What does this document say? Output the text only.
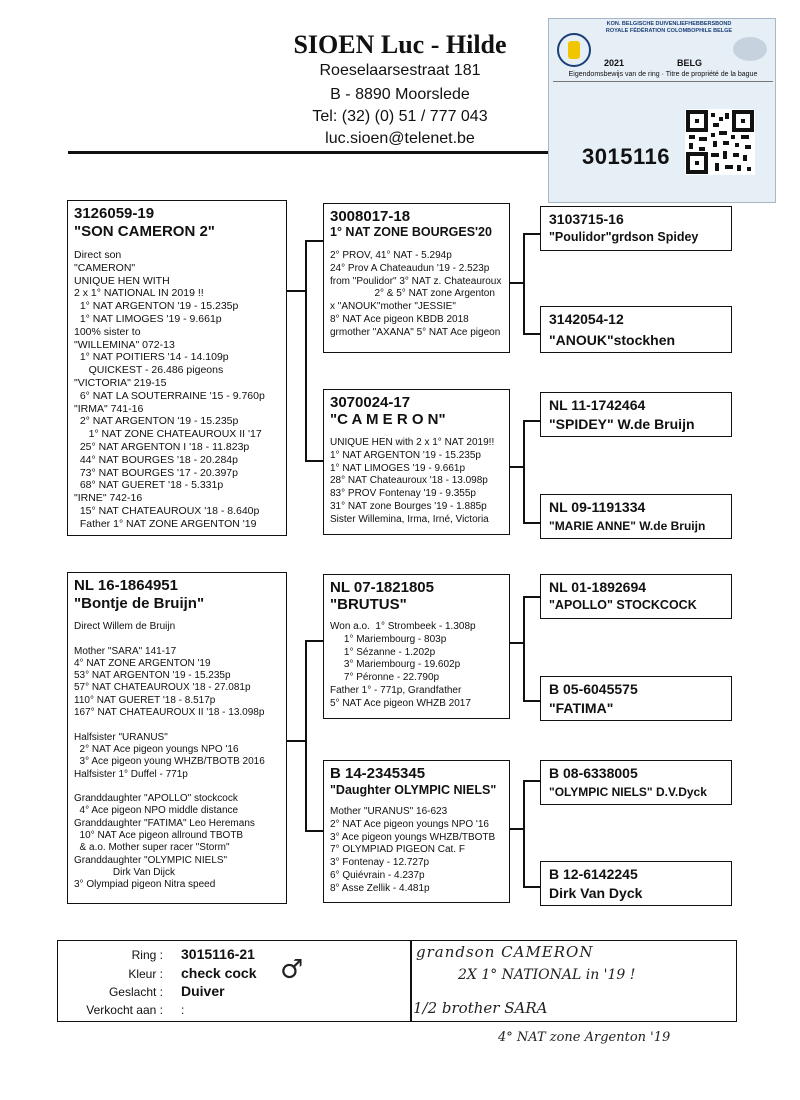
SIOEN Luc - Hilde
Roeselaarsestraat 181
B - 8890 Moorslede
Tel: (32) (0) 51 / 777 043
luc.sioen@telenet.be
KON. BELGISCHE DUIVENLIEFHEBBERSBOND
ROYALE FÉDÉRATION COLOMBOPHILE BELGE
2021	BELG
Eigendomsbewijs van de ring · Titre de propriété de la bague
3015116
3126059-19
"SON CAMERON 2"
Direct son
"CAMERON"
UNIQUE HEN WITH
2 x 1° NATIONAL IN 2019 !!
1° NAT ARGENTON '19 - 15.235p
1° NAT LIMOGES '19 - 9.661p
100% sister to
"WILLEMINA" 072-13
1° NAT POITIERS '14 - 14.109p
QUICKEST - 26.486 pigeons
"VICTORIA" 219-15
6° NAT LA SOUTERRAINE '15 - 9.760p
"IRMA" 741-16
2° NAT ARGENTON '19 - 15.235p
1° NAT ZONE CHATEAUROUX II '17
25° NAT ARGENTON I '18 - 11.823p
44° NAT BOURGES '18 - 20.284p
73° NAT BOURGES '17 - 20.397p
68° NAT GUERET '18 - 5.331p
"IRNE" 742-16
15° NAT CHATEAUROUX '18 - 8.640p
Father 1° NAT ZONE ARGENTON '19
3008017-18
1° NAT ZONE BOURGES'20
2° PROV, 41° NAT - 5.294p
24° Prov A Chateaudun '19 - 2.523p
from "Poulidor" 3° NAT z. Chateauroux
2° & 5° NAT zone Argenton
x "ANOUK"mother "JESSIE"
8° NAT Ace pigeon KBDB 2018
grmother "AXANA" 5° NAT Ace pigeon
3103715-16
"Poulidor"grdson Spidey
3142054-12
"ANOUK"stockhen
3070024-17
"C A M E R O N"
UNIQUE HEN with 2 x 1° NAT 2019!!
1° NAT ARGENTON '19 - 15.235p
1° NAT LIMOGES '19 - 9.661p
28° NAT Chateauroux '18 - 13.098p
83° PROV Fontenay '19 - 9.355p
31° NAT zone Bourges '19 - 1.885p
Sister Willemina, Irma, Irné, Victoria
NL 11-1742464
"SPIDEY" W.de Bruijn
NL 09-1191334
"MARIE ANNE" W.de Bruijn
NL 16-1864951
"Bontje de Bruijn"
Direct Willem de Bruijn

Mother "SARA" 141-17
4° NAT ZONE ARGENTON '19
53° NAT ARGENTON '19 - 15.235p
57° NAT CHATEAUROUX '18 - 27.081p
110° NAT GUERET '18 - 8.517p
167° NAT CHATEAUROUX II '18 - 13.098p

Halfsister "URANUS"
2° NAT Ace pigeon youngs NPO '16
3° Ace pigeon young WHZB/TBOTB 2016
Halfsister 1° Duffel - 771p

Granddaughter "APOLLO" stockcock
4° Ace pigeon NPO middle distance
Granddaughter "FATIMA" Leo Heremans
10° NAT Ace pigeon allround TBOTB
& a.o. Mother super racer "Storm"
Granddaughter "OLYMPIC NIELS"
Dirk Van Dijck
3° Olympiad pigeon Nitra speed
NL 07-1821805
"BRUTUS"
Won a.o.  1° Strombeek - 1.308p
1° Mariembourg - 803p
1° Sézanne - 1.202p
3° Mariembourg - 19.602p
7° Péronne - 22.790p
Father 1° - 771p, Grandfather
5° NAT Ace pigeon WHZB 2017
NL 01-1892694
"APOLLO" STOCKCOCK
B 05-6045575
"FATIMA"
B 14-2345345
"Daughter OLYMPIC NIELS"
Mother "URANUS" 16-623
2° NAT Ace pigeon youngs NPO '16
3° Ace pigeon youngs WHZB/TBOTB
7° OLYMPIAD PIGEON Cat. F
3° Fontenay - 12.727p
6° Quiévrain - 4.237p
8° Asse Zellik - 4.481p
B 08-6338005
"OLYMPIC NIELS" D.V.Dyck
B 12-6142245
Dirk Van Dyck
Ring : 3015116-21
Kleur : check cock
Geslacht : Duiver
Verkocht aan : :
♂
grandson CAMERON
2X 1° NATIONAL in '19 !
1/2 brother SARA
4° NAT zone Argenton '19
